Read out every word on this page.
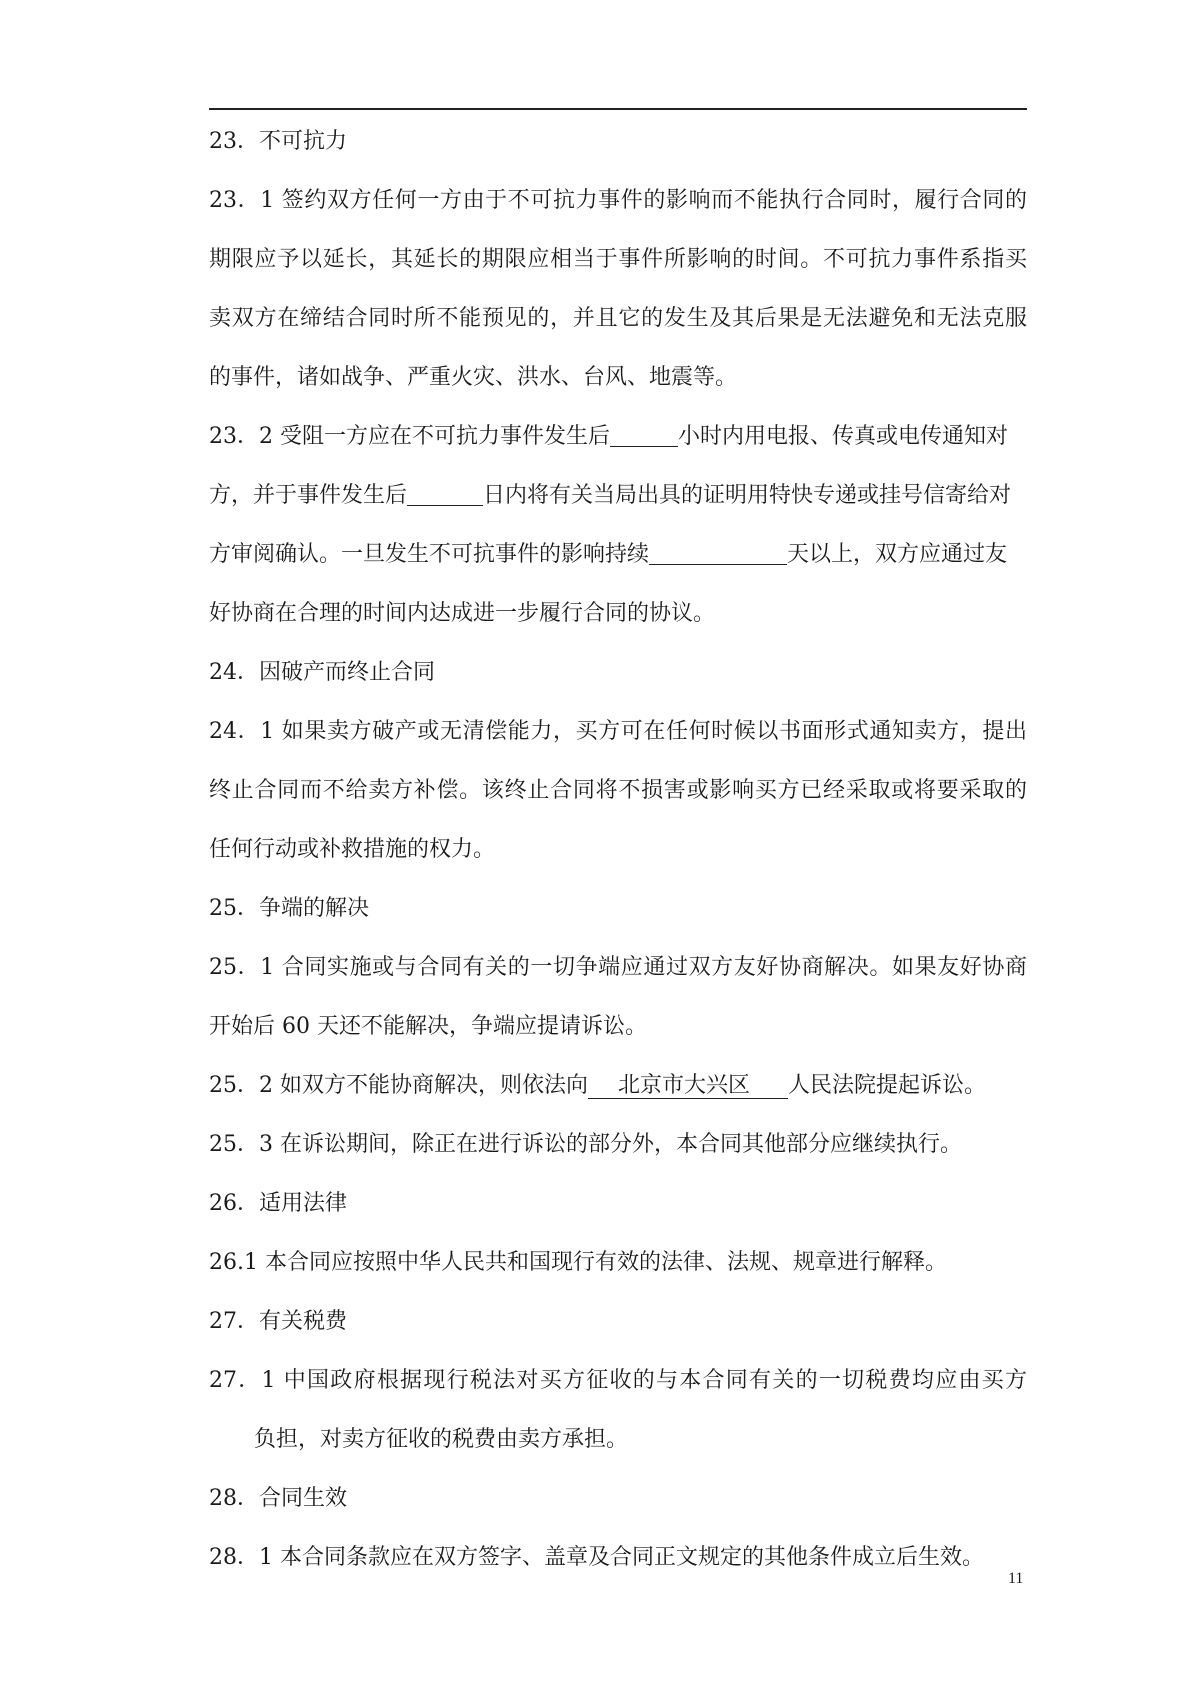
23．不可抗力
23．1 签约双方任何一方由于不可抗力事件的影响而不能执行合同时，履行合同的
期限应予以延长，其延长的期限应相当于事件所影响的时间。不可抗力事件系指买
卖双方在缔结合同时所不能预见的，并且它的发生及其后果是无法避免和无法克服
的事件，诸如战争、严重火灾、洪水、台风、地震等。
23．2 受阻一方应在不可抗力事件发生后	小时内用电报、传真或电传通知对
方，并于事件发生后	日内将有关当局出具的证明用特快专递或挂号信寄给对
方审阅确认。一旦发生不可抗事件的影响持续	天以上，双方应通过友
好协商在合理的时间内达成进一步履行合同的协议。
24．因破产而终止合同
24．1 如果卖方破产或无清偿能力，买方可在任何时候以书面形式通知卖方，提出
终止合同而不给卖方补偿。该终止合同将不损害或影响买方已经采取或将要采取的
任何行动或补救措施的权力。
25．争端的解决
25．1 合同实施或与合同有关的一切争端应通过双方友好协商解决。如果友好协商
开始后 60 天还不能解决，争端应提请诉讼。
25．2 如双方不能协商解决，则依法向 北京市大兴区 人民法院提起诉讼。
25．3 在诉讼期间，除正在进行诉讼的部分外，本合同其他部分应继续执行。
26．适用法律
26.1 本合同应按照中华人民共和国现行有效的法律、法规、规章进行解释。
27．有关税费
27．1 中国政府根据现行税法对买方征收的与本合同有关的一切税费均应由买方
负担，对卖方征收的税费由卖方承担。
28．合同生效
28．1 本合同条款应在双方签字、盖章及合同正文规定的其他条件成立后生效。
11
